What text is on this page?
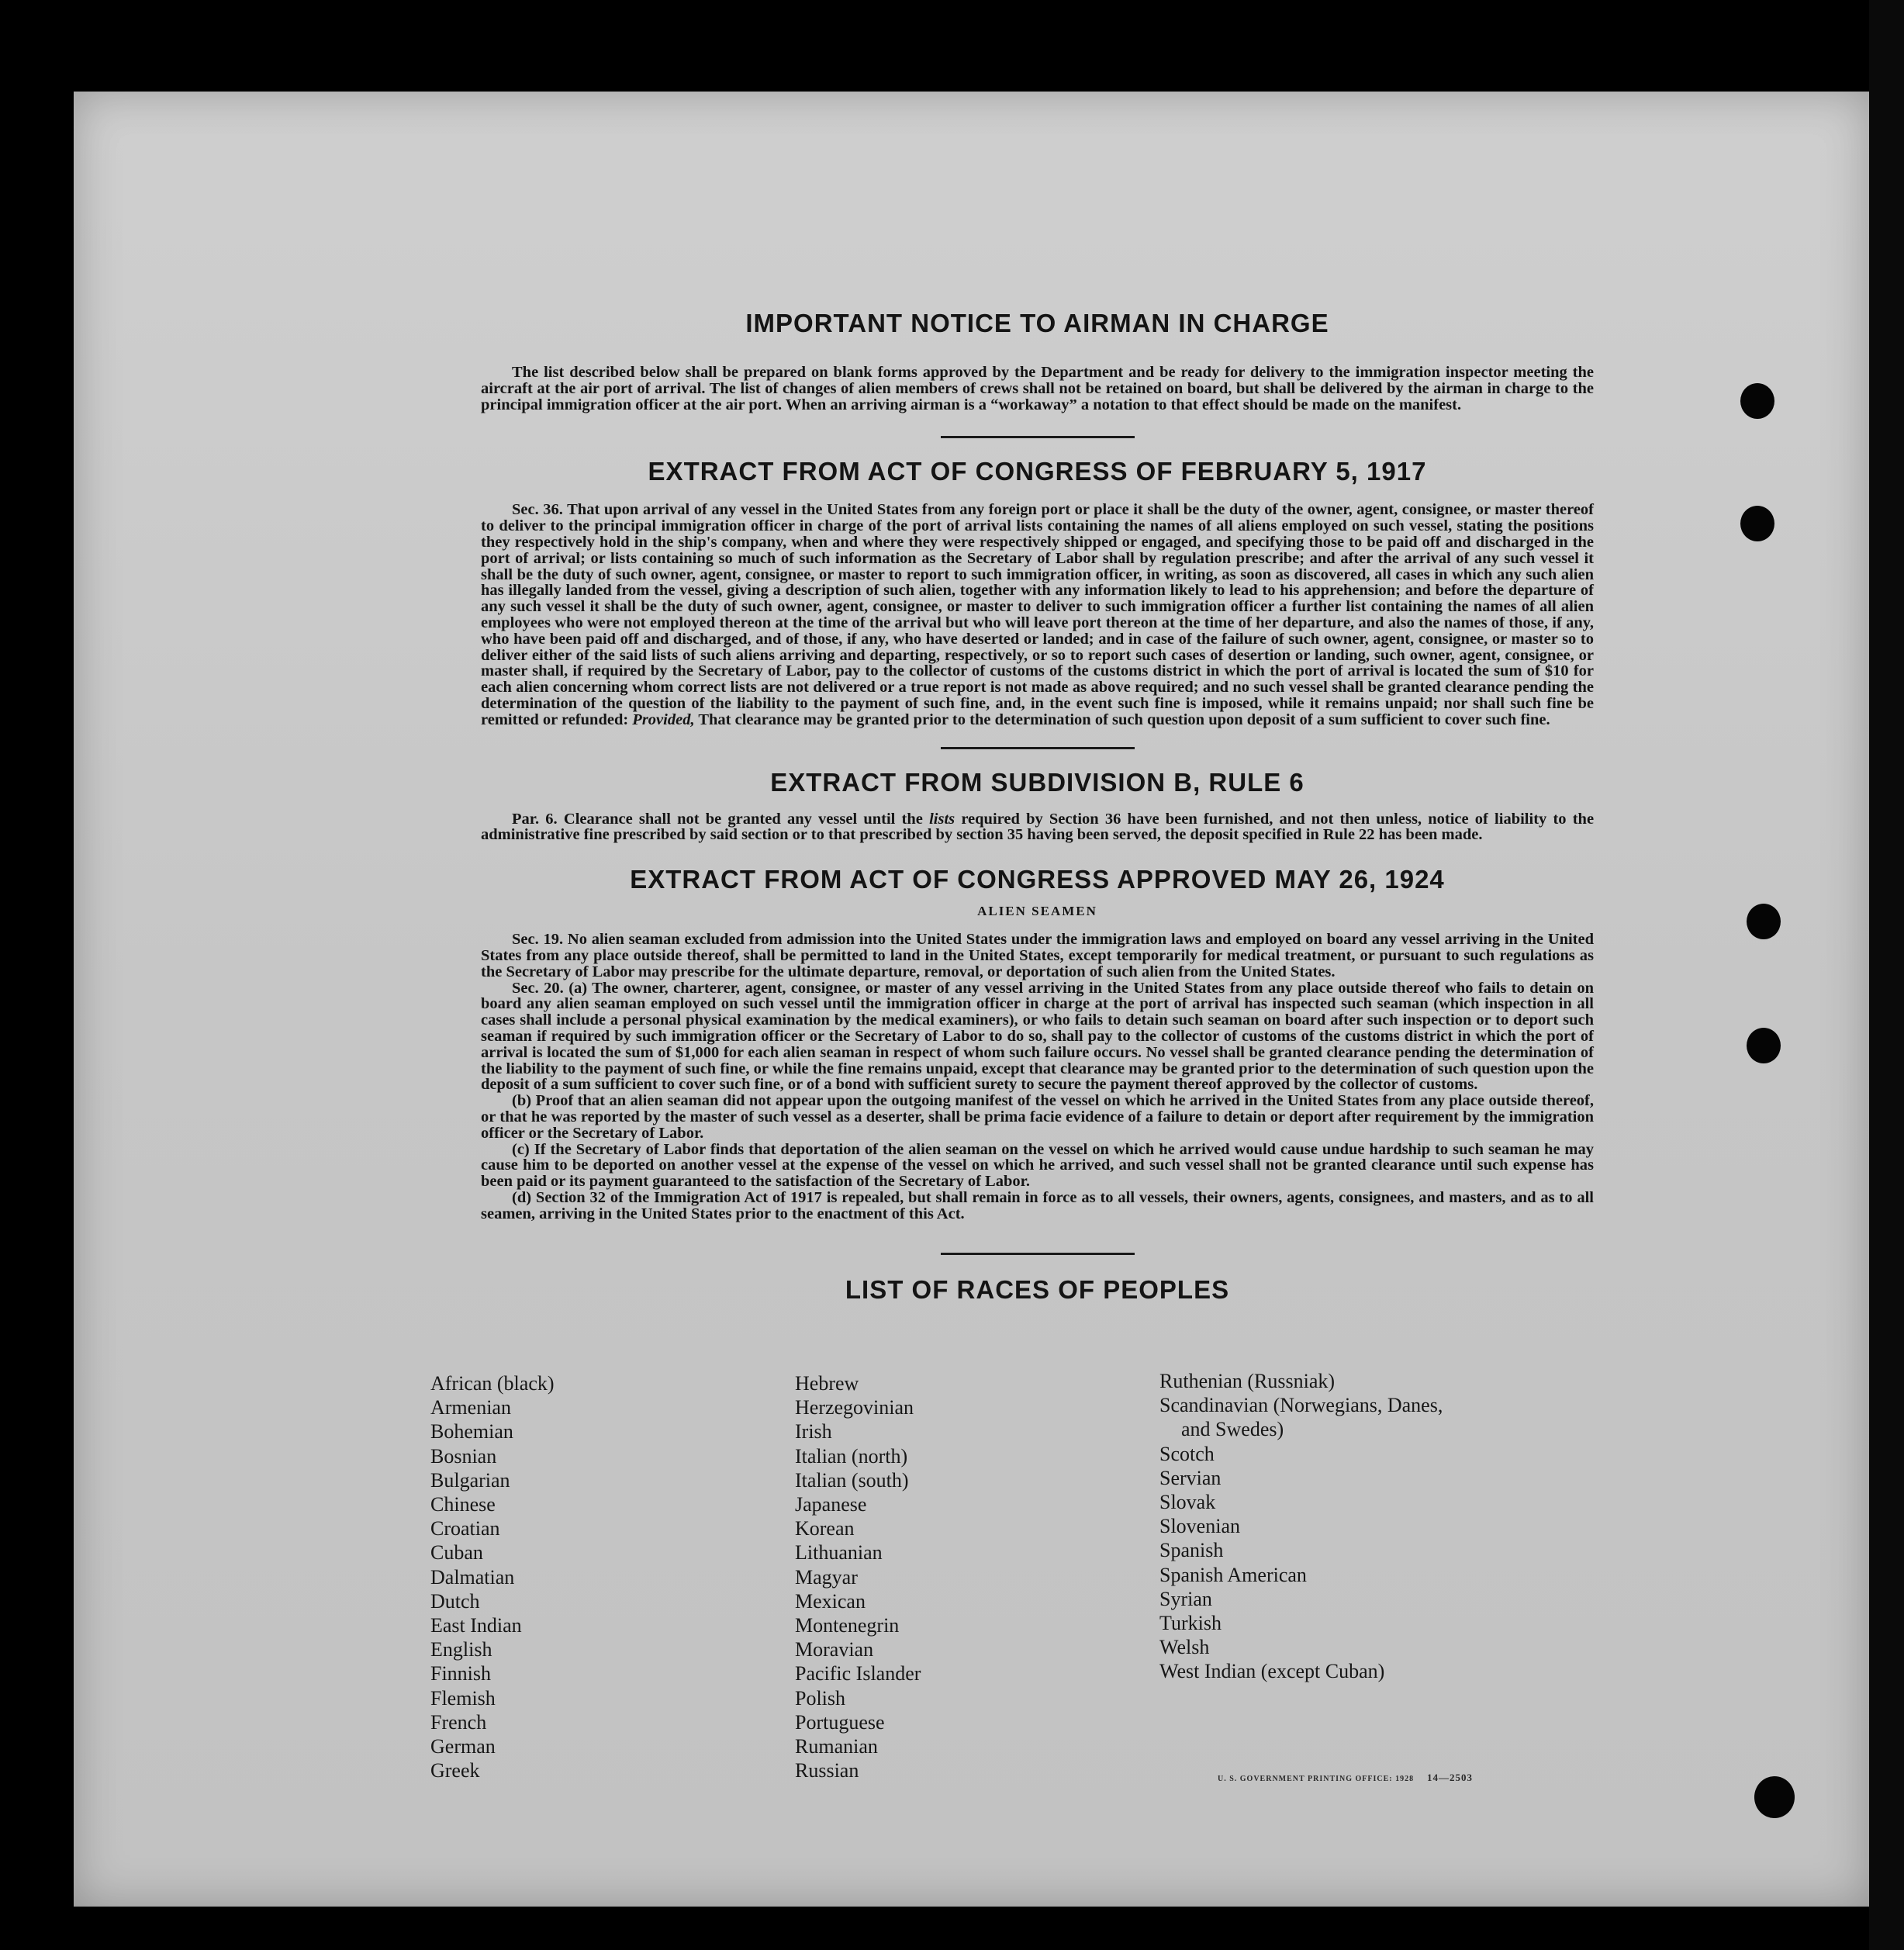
IMPORTANT NOTICE TO AIRMAN IN CHARGE

The list described below shall be prepared on blank forms approved by the Department and be ready for delivery to the immigration inspector meeting the aircraft at the air port of arrival. The list of changes of alien members of crews shall not be retained on board, but shall be delivered by the airman in charge to the principal immigration officer at the air port. When an arriving airman is a “workaway” a notation to that effect should be made on the manifest.

EXTRACT FROM ACT OF CONGRESS OF FEBRUARY 5, 1917

Sec. 36. That upon arrival of any vessel in the United States from any foreign port or place it shall be the duty of the owner, agent, consignee, or master thereof to deliver to the principal immigration officer in charge of the port of arrival lists containing the names of all aliens employed on such vessel, stating the positions they respectively hold in the ship's company, when and where they were respectively shipped or engaged, and specifying those to be paid off and discharged in the port of arrival; or lists containing so much of such information as the Secretary of Labor shall by regulation prescribe; and after the arrival of any such vessel it shall be the duty of such owner, agent, consignee, or master to report to such immigration officer, in writing, as soon as discovered, all cases in which any such alien has illegally landed from the vessel, giving a description of such alien, together with any information likely to lead to his apprehension; and before the departure of any such vessel it shall be the duty of such owner, agent, consignee, or master to deliver to such immigration officer a further list containing the names of all alien employees who were not employed thereon at the time of the arrival but who will leave port thereon at the time of her departure, and also the names of those, if any, who have been paid off and discharged, and of those, if any, who have deserted or landed; and in case of the failure of such owner, agent, consignee, or master so to deliver either of the said lists of such aliens arriving and departing, respectively, or so to report such cases of desertion or landing, such owner, agent, consignee, or master shall, if required by the Secretary of Labor, pay to the collector of customs of the customs district in which the port of arrival is located the sum of $10 for each alien concerning whom correct lists are not delivered or a true report is not made as above required; and no such vessel shall be granted clearance pending the determination of the question of the liability to the payment of such fine, and, in the event such fine is imposed, while it remains unpaid; nor shall such fine be remitted or refunded: Provided, That clearance may be granted prior to the determination of such question upon deposit of a sum sufficient to cover such fine.

EXTRACT FROM SUBDIVISION B, RULE 6

Par. 6. Clearance shall not be granted any vessel until the lists required by Section 36 have been furnished, and not then unless, notice of liability to the administrative fine prescribed by said section or to that prescribed by section 35 having been served, the deposit specified in Rule 22 has been made.

EXTRACT FROM ACT OF CONGRESS APPROVED MAY 26, 1924

ALIEN SEAMEN

Sec. 19. No alien seaman excluded from admission into the United States under the immigration laws and employed on board any vessel arriving in the United States from any place outside thereof, shall be permitted to land in the United States, except temporarily for medical treatment, or pursuant to such regulations as the Secretary of Labor may prescribe for the ultimate departure, removal, or deportation of such alien from the United States.

Sec. 20. (a) The owner, charterer, agent, consignee, or master of any vessel arriving in the United States from any place outside thereof who fails to detain on board any alien seaman employed on such vessel until the immigration officer in charge at the port of arrival has inspected such seaman (which inspection in all cases shall include a personal physical examination by the medical examiners), or who fails to detain such seaman on board after such inspection or to deport such seaman if required by such immigration officer or the Secretary of Labor to do so, shall pay to the collector of customs of the customs district in which the port of arrival is located the sum of $1,000 for each alien seaman in respect of whom such failure occurs. No vessel shall be granted clearance pending the determination of the liability to the payment of such fine, or while the fine remains unpaid, except that clearance may be granted prior to the determination of such question upon the deposit of a sum sufficient to cover such fine, or of a bond with sufficient surety to secure the payment thereof approved by the collector of customs.

(b) Proof that an alien seaman did not appear upon the outgoing manifest of the vessel on which he arrived in the United States from any place outside thereof, or that he was reported by the master of such vessel as a deserter, shall be prima facie evidence of a failure to detain or deport after requirement by the immigration officer or the Secretary of Labor.

(c) If the Secretary of Labor finds that deportation of the alien seaman on the vessel on which he arrived would cause undue hardship to such seaman he may cause him to be deported on another vessel at the expense of the vessel on which he arrived, and such vessel shall not be granted clearance until such expense has been paid or its payment guaranteed to the satisfaction of the Secretary of Labor.

(d) Section 32 of the Immigration Act of 1917 is repealed, but shall remain in force as to all vessels, their owners, agents, consignees, and masters, and as to all seamen, arriving in the United States prior to the enactment of this Act.

LIST OF RACES OF PEOPLES
African (black)
Armenian
Bohemian
Bosnian
Bulgarian
Chinese
Croatian
Cuban
Dalmatian
Dutch
East Indian
English
Finnish
Flemish
French
German
Greek
Hebrew
Herzegovinian
Irish
Italian (north)
Italian (south)
Japanese
Korean
Lithuanian
Magyar
Mexican
Montenegrin
Moravian
Pacific Islander
Polish
Portuguese
Rumanian
Russian
Ruthenian (Russniak)
Scandinavian (Norwegians, Danes,
and Swedes)
Scotch
Servian
Slovak
Slovenian
Spanish
Spanish American
Syrian
Turkish
Welsh
West Indian (except Cuban)
U. S. GOVERNMENT PRINTING OFFICE: 1928 14—2503
